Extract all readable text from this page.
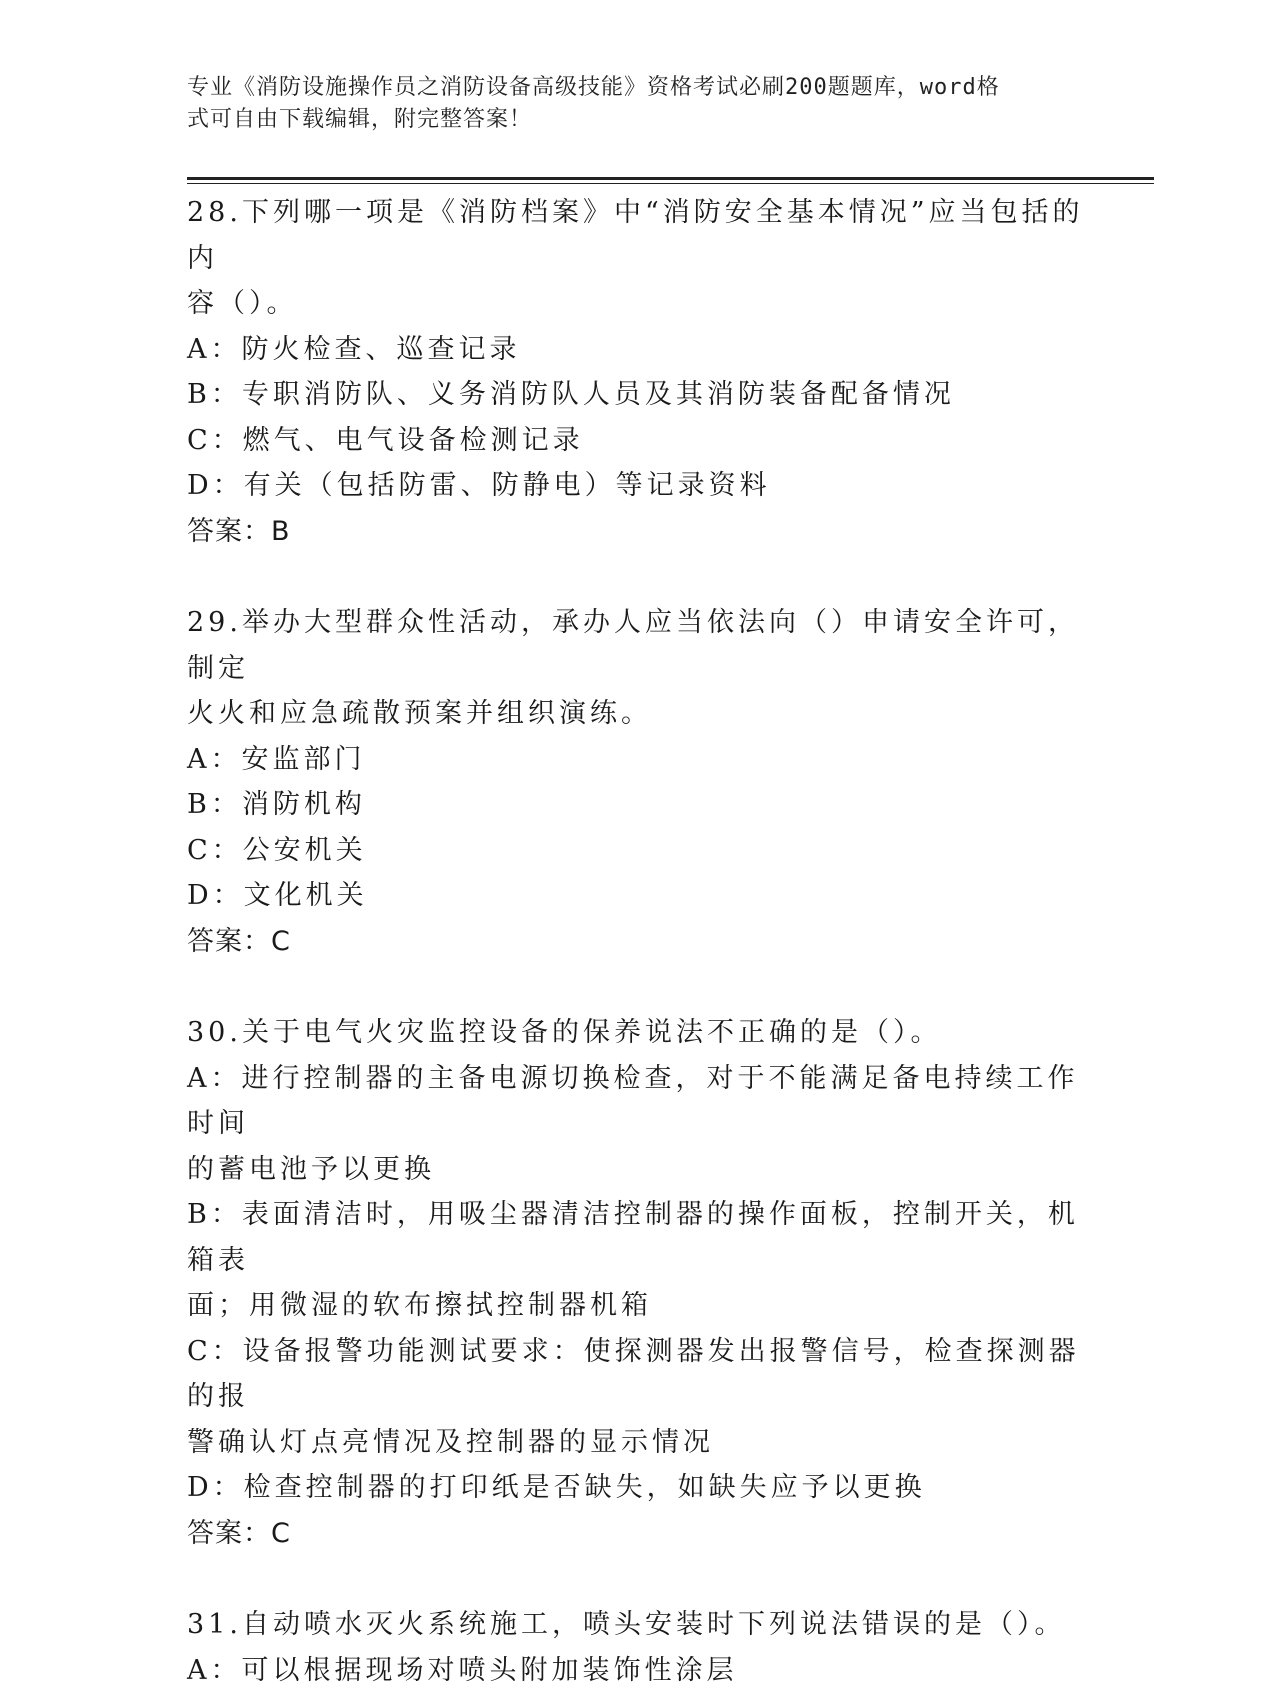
专业《消防设施操作员之消防设备高级技能》资格考试必刷200题题库，word格
式可自由下载编辑，附完整答案！
28.下列哪一项是《消防档案》中“消防安全基本情况”应当包括的内
容（）。
A：防火检查、巡查记录
B：专职消防队、义务消防队人员及其消防装备配备情况
C：燃气、电气设备检测记录
D：有关（包括防雷、防静电）等记录资料
答案：B
29.举办大型群众性活动，承办人应当依法向（）申请安全许可，制定
火火和应急疏散预案并组织演练。
A：安监部门
B：消防机构
C：公安机关
D：文化机关
答案：C
30.关于电气火灾监控设备的保养说法不正确的是（）。
A：进行控制器的主备电源切换检查，对于不能满足备电持续工作时间
的蓄电池予以更换
B：表面清洁时，用吸尘器清洁控制器的操作面板，控制开关，机箱表
面；用微湿的软布擦拭控制器机箱
C：设备报警功能测试要求：使探测器发出报警信号，检查探测器的报
警确认灯点亮情况及控制器的显示情况
D：检查控制器的打印纸是否缺失，如缺失应予以更换
答案：C
31.自动喷水灭火系统施工，喷头安装时下列说法错误的是（）。
A：可以根据现场对喷头附加装饰性涂层
